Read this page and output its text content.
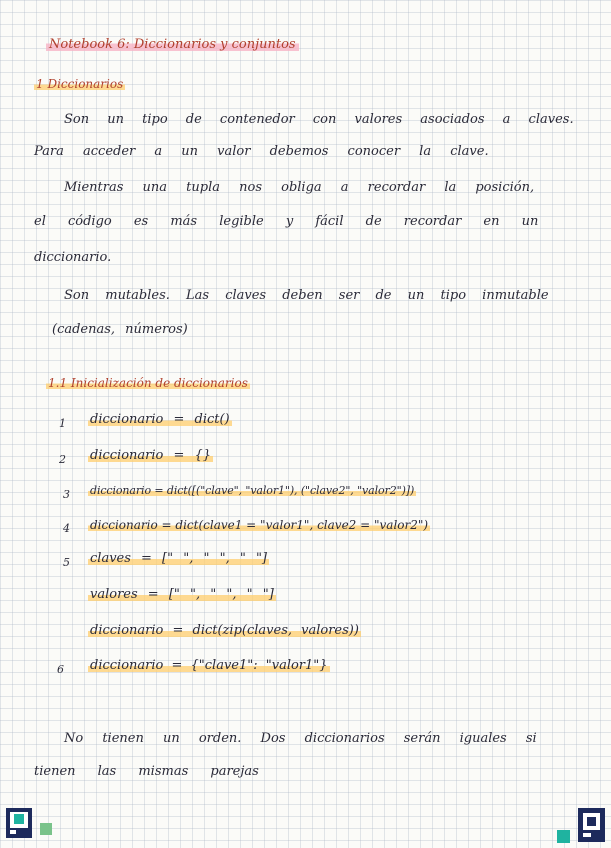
Notebook 6: Diccionarios y conjuntos
1 Diccionarios
Son un tipo de contenedor con valores asociados a claves.
Para acceder a un valor debemos conocer la clave.
Mientras una tupla nos obliga a recordar la posición,
el código es más legible y fácil de recordar en un
diccionario.
Son mutables. Las claves deben ser de un tipo inmutable
(cadenas, números)
1.1 Inicialización de diccionarios
1 diccionario = dict()
2 diccionario = {}
3 diccionario = dict([("clave", "valor1"), ("clave2", "valor2")])
4 diccionario = dict(clave1 = "valor1", clave2 = "valor2")
5 claves = [" ", " ", " "]
valores = [" ", " ", " "]
diccionario = dict(zip(claves, valores))
6 diccionario = {"clave1": "valor1"}
No tienen un orden. Dos diccionarios serán iguales si
tienen las mismas parejas
